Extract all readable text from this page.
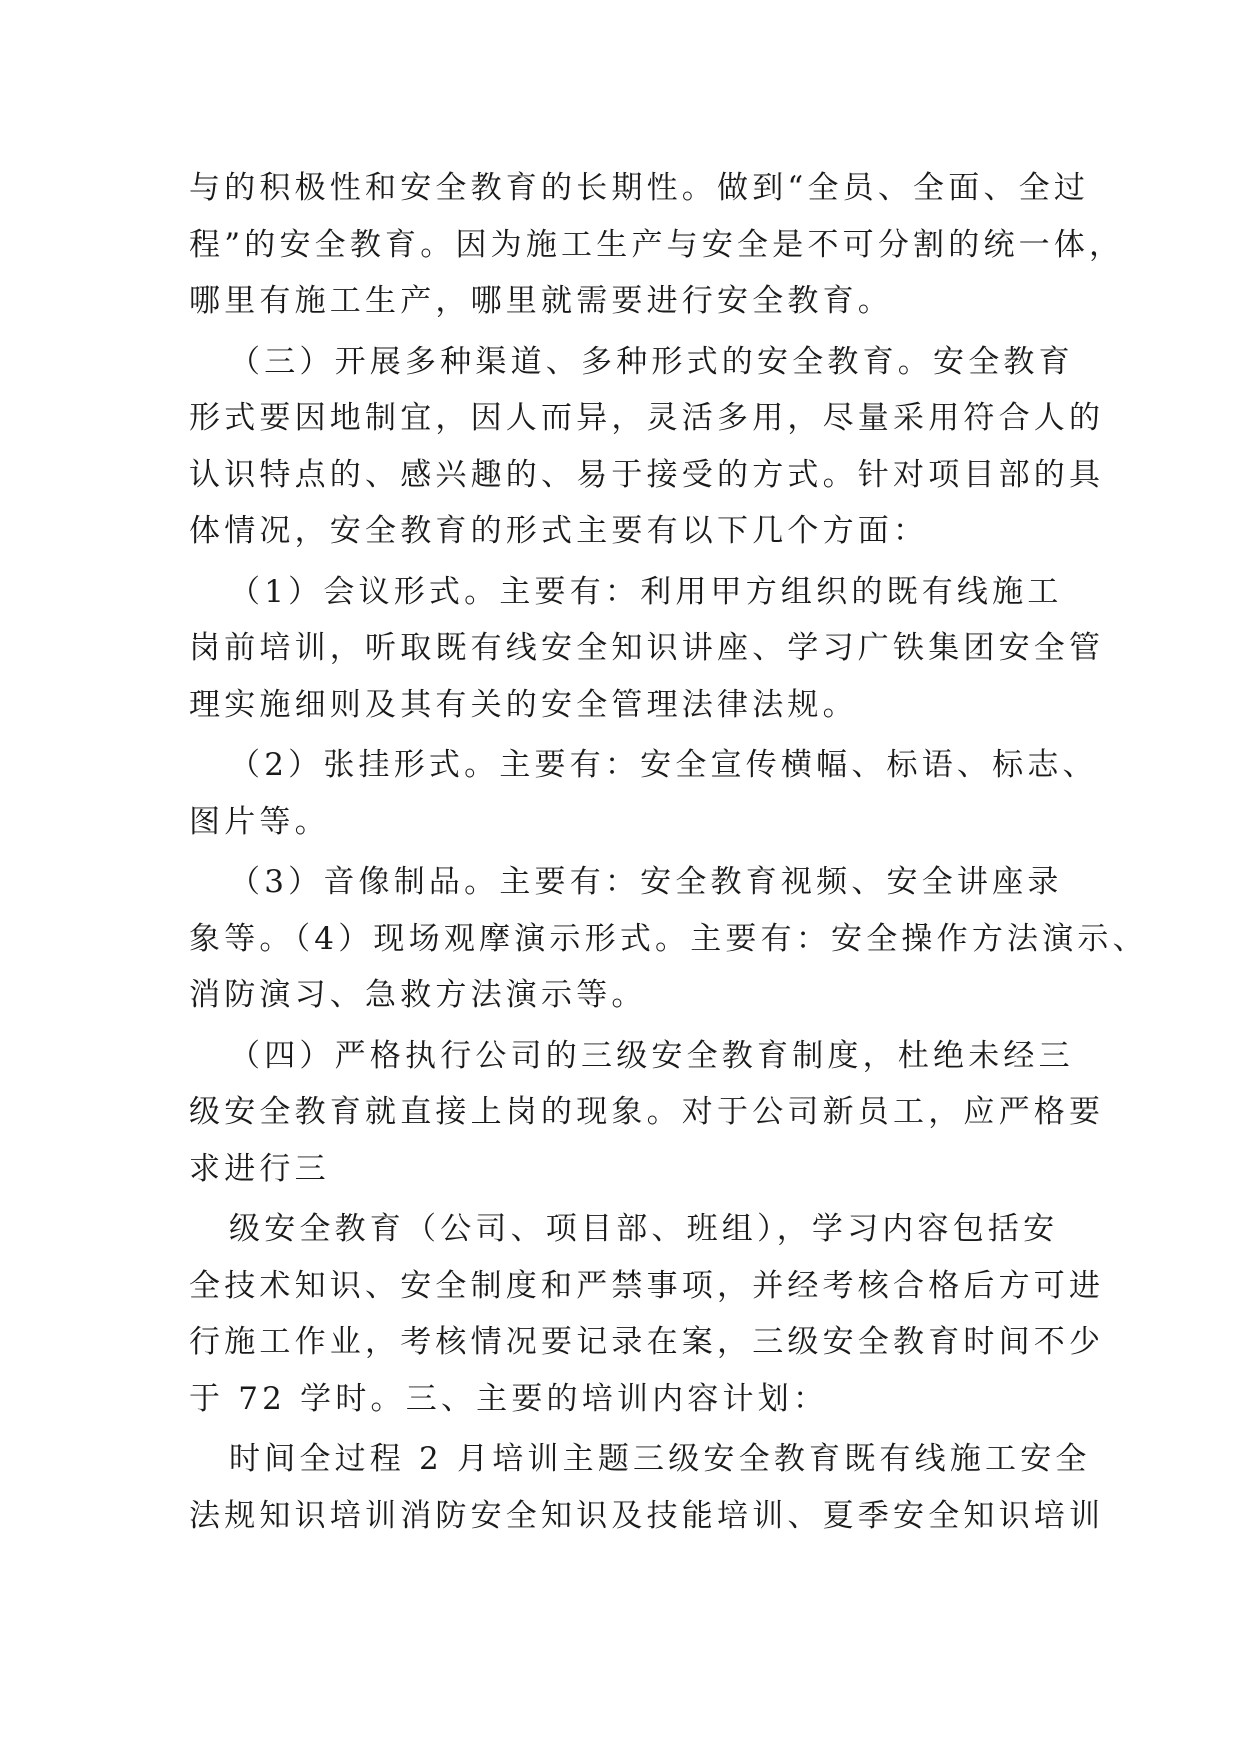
与的积极性和安全教育的长期性。做到“全员、全面、全过
程”的安全教育。因为施工生产与安全是不可分割的统一体，
哪里有施工生产，哪里就需要进行安全教育。
（三）开展多种渠道、多种形式的安全教育。安全教育
形式要因地制宜，因人而异，灵活多用，尽量采用符合人的
认识特点的、感兴趣的、易于接受的方式。针对项目部的具
体情况，安全教育的形式主要有以下几个方面：
（1）会议形式。主要有：利用甲方组织的既有线施工
岗前培训，听取既有线安全知识讲座、学习广铁集团安全管
理实施细则及其有关的安全管理法律法规。
（2）张挂形式。主要有：安全宣传横幅、标语、标志、
图片等。
（3）音像制品。主要有：安全教育视频、安全讲座录
象等。（4）现场观摩演示形式。主要有：安全操作方法演示、
消防演习、急救方法演示等。
（四）严格执行公司的三级安全教育制度，杜绝未经三
级安全教育就直接上岗的现象。对于公司新员工，应严格要
求进行三
级安全教育（公司、项目部、班组），学习内容包括安
全技术知识、安全制度和严禁事项，并经考核合格后方可进
行施工作业，考核情况要记录在案，三级安全教育时间不少
于 72 学时。三、主要的培训内容计划：
时间全过程 2 月培训主题三级安全教育既有线施工安全
法规知识培训消防安全知识及技能培训、夏季安全知识培训
